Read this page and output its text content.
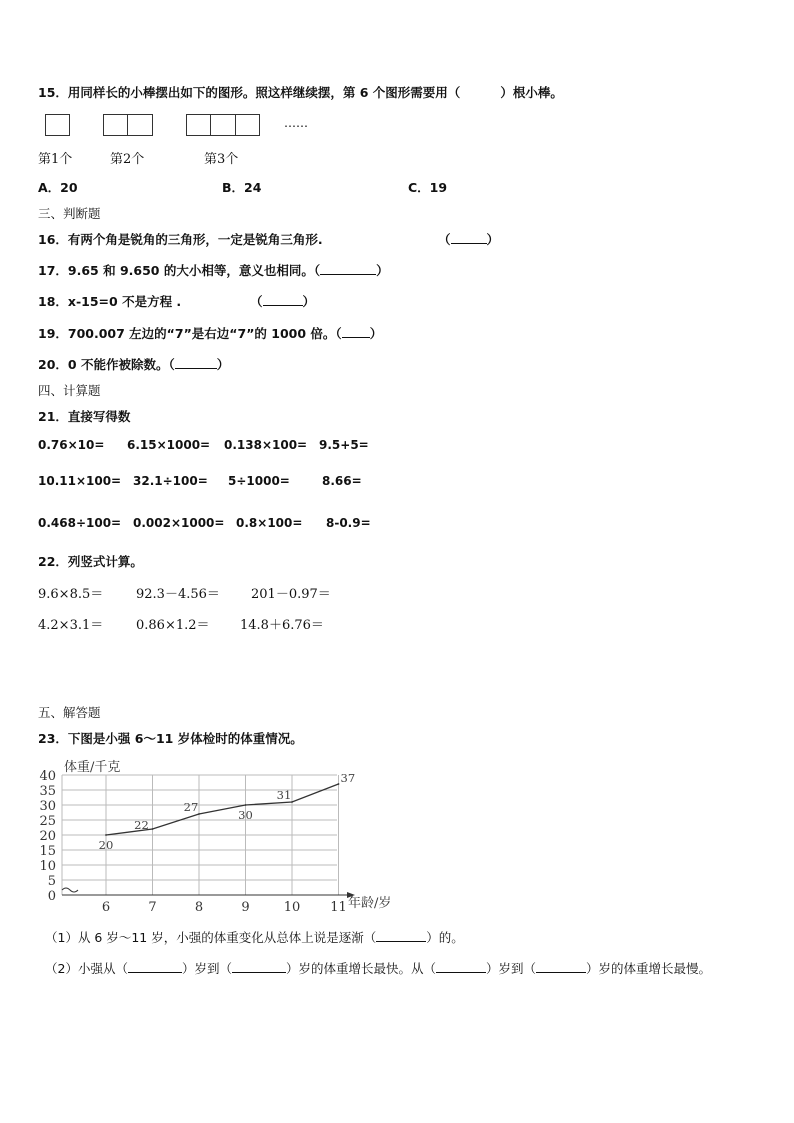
15．用同样长的小棒摆出如下的图形。照这样继续摆，第 6 个图形需要用（	）根小棒。
……
第1个	第2个	第3个
A．20	B．24	C．19
三、判断题
16．有两个角是锐角的三角形，一定是锐角三角形.	（	）
17．9.65 和 9.650 的大小相等，意义也相同。（	）
18．x-15=0 不是方程 .	（	）
19．700.007 左边的“7”是右边“7”的 1000 倍。（ ）
20．0 不能作被除数。（	）
四、计算题
21．直接写得数
0.76×10= 6.15×1000= 0.138×100= 9.5+5=
10.11×100= 32.1÷100= 5÷1000=	8.66=
0.468÷100= 0.002×1000= 0.8×100= 8-0.9=
22．列竖式计算。
9.6×8.5＝	92.3－4.56＝ 201－0.97＝
4.2×3.1＝	0.86×1.2＝ 14.8＋6.76＝
五、解答题
23．下图是小强 6～11 岁体检时的体重情况。
0
5
10
15
20
25
30
35
40
6	7	8	9	10 11
20
22
27
30
31
37
体重/千克
年龄/岁
（1）从 6 岁～11 岁，小强的体重变化从总体上说是逐渐（	）的。
（2）小强从（	）岁到（	）岁的体重增长最快。从（	）岁到（	）岁的体重增长最慢。
